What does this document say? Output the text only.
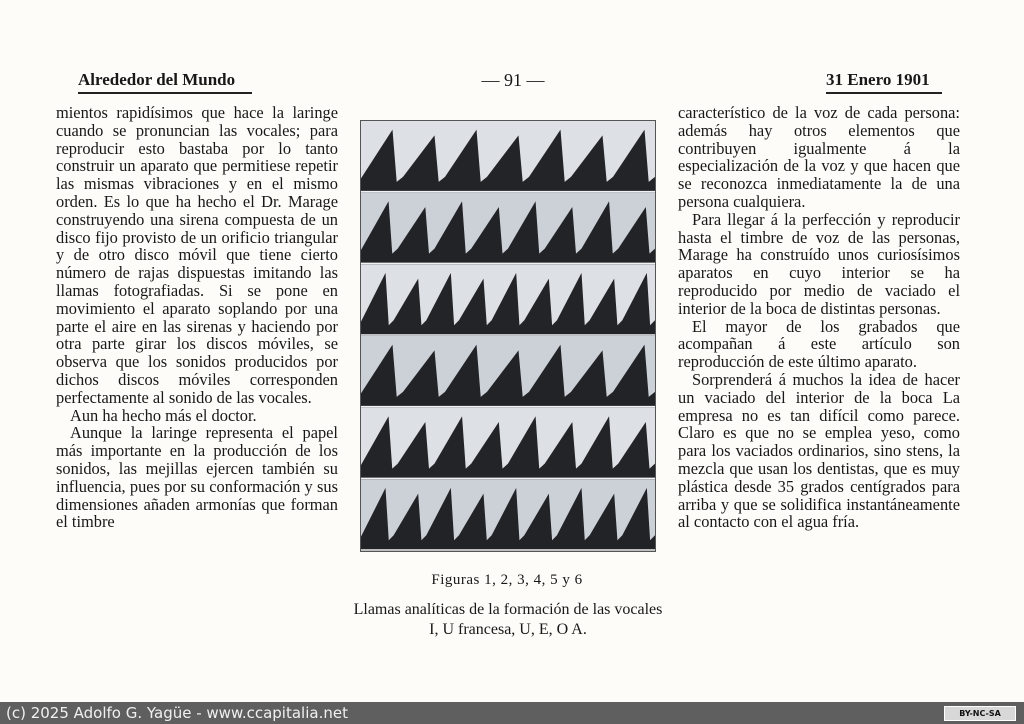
Alrededor del Mundo	— 91 —	31 Enero 1901

mientos rapidísimos que hace la laringe cuando se pronuncian las vocales; para reproducir esto bastaba por lo tanto construir un aparato que permitiese repetir las mismas vibraciones y en el mismo orden. Es lo que ha hecho el Dr. Marage construyendo una sirena compuesta de un disco fijo provisto de un orificio triangular y de otro disco móvil que tiene cierto número de rajas dispuestas imitando las llamas fotografiadas. Si se pone en movimiento el aparato soplando por una parte el aire en las sirenas y haciendo por otra parte girar los discos móviles, se observa que los sonidos producidos por dichos discos móviles corresponden perfectamente al sonido de las vocales.

Aun ha hecho más el doctor.

Aunque la laringe representa el papel más importante en la producción de los sonidos, las mejillas ejercen también su influencia, pues por su conformación y sus dimensiones añaden armonías que forman el timbre

Figuras 1, 2, 3, 4, 5 y 6
Llamas analíticas de la formación de las vocales I, U francesa, U, E, O A.

característico de la voz de cada persona: además hay otros elementos que contribuyen igualmente á la especialización de la voz y que hacen que se reconozca inmediatamente la de una persona cualquiera.

Para llegar á la perfección y reproducir hasta el timbre de voz de las personas, Marage ha construído unos curiosísimos aparatos en cuyo interior se ha reproducido por medio de vaciado el interior de la boca de distintas personas.

El mayor de los grabados que acompañan á este artículo son reproducción de este último aparato.

Sorprenderá á muchos la idea de hacer un vaciado del interior de la boca La empresa no es tan difícil como parece. Claro es que no se emplea yeso, como para los vaciados ordinarios, sino stens, la mezcla que usan los dentistas, que es muy plástica desde 35 grados centígrados para arriba y que se solidifica instantáneamente al contacto con el agua fría.

(c) 2025 Adolfo G. Yagüe - www.ccapitalia.net	BY-NC-SA
